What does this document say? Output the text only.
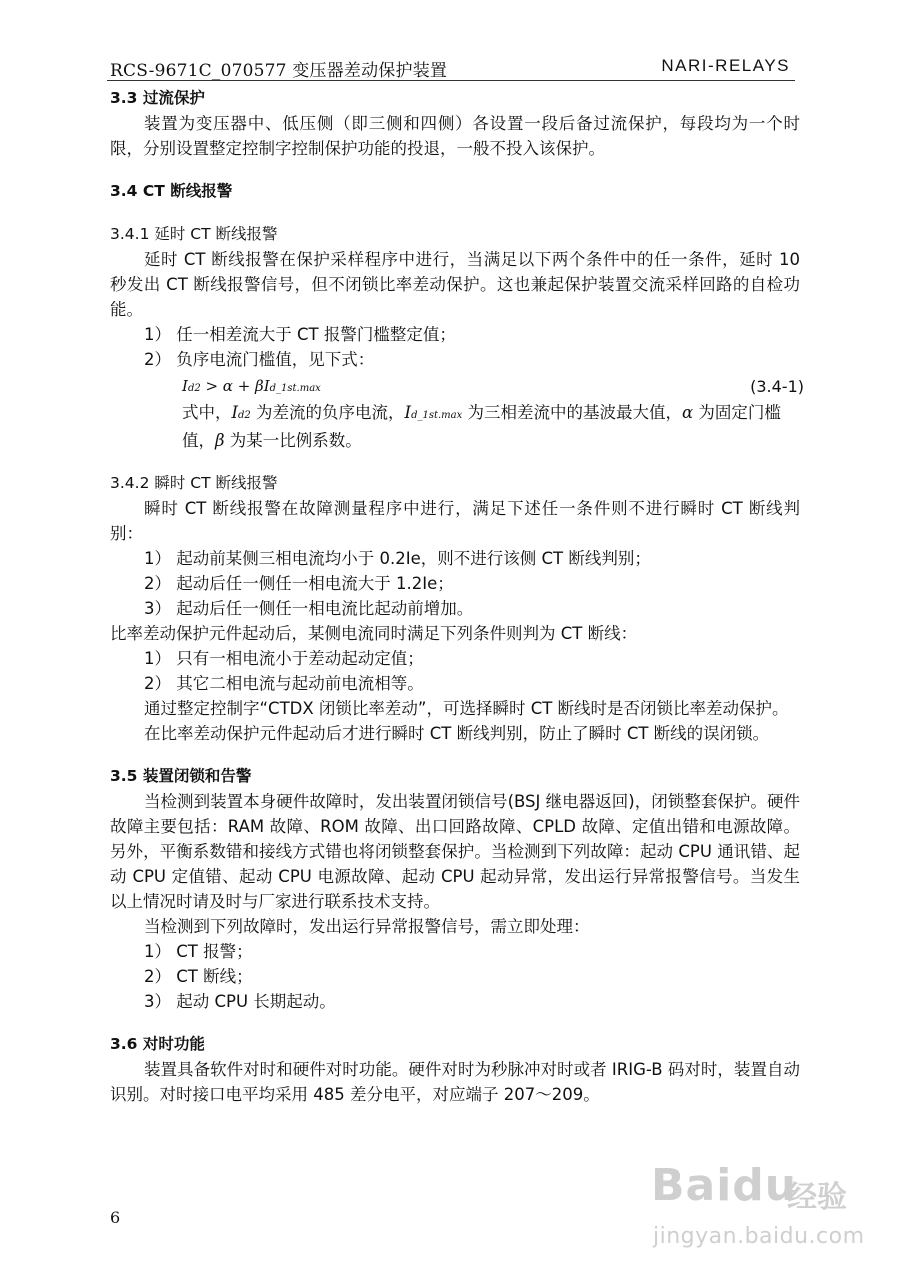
RCS-9671C_070577 变压器差动保护装置	NARI-RELAYS

3.3 过流保护

装置为变压器中、低压侧（即三侧和四侧）各设置一段后备过流保护，每段均为一个时限，分别设置整定控制字控制保护功能的投退，一般不投入该保护。

3.4 CT 断线报警

3.4.1 延时 CT 断线报警

延时 CT 断线报警在保护采样程序中进行，当满足以下两个条件中的任一条件，延时 10 秒发出 CT 断线报警信号，但不闭锁比率差动保护。这也兼起保护装置交流采样回路的自检功能。

1） 任一相差流大于 CT 报警门槛整定值；

2） 负序电流门槛值，见下式：

Id2 > α + βId_1st.max	(3.4-1)

式中，Id2 为差流的负序电流，Id_1st.max 为三相差流中的基波最大值，α 为固定门槛值，β 为某一比例系数。

3.4.2 瞬时 CT 断线报警

瞬时 CT 断线报警在故障测量程序中进行，满足下述任一条件则不进行瞬时 CT 断线判别：

1） 起动前某侧三相电流均小于 0.2Ie，则不进行该侧 CT 断线判别；

2） 起动后任一侧任一相电流大于 1.2Ie；

3） 起动后任一侧任一相电流比起动前增加。

比率差动保护元件起动后，某侧电流同时满足下列条件则判为 CT 断线：

1） 只有一相电流小于差动起动定值；

2） 其它二相电流与起动前电流相等。

通过整定控制字“CTDX 闭锁比率差动”，可选择瞬时 CT 断线时是否闭锁比率差动保护。

在比率差动保护元件起动后才进行瞬时 CT 断线判别，防止了瞬时 CT 断线的误闭锁。

3.5 装置闭锁和告警

当检测到装置本身硬件故障时，发出装置闭锁信号(BSJ 继电器返回)，闭锁整套保护。硬件故障主要包括：RAM 故障、ROM 故障、出口回路故障、CPLD 故障、定值出错和电源故障。另外，平衡系数错和接线方式错也将闭锁整套保护。当检测到下列故障：起动 CPU 通讯错、起动 CPU 定值错、起动 CPU 电源故障、起动 CPU 起动异常，发出运行异常报警信号。当发生以上情况时请及时与厂家进行联系技术支持。

当检测到下列故障时，发出运行异常报警信号，需立即处理：

1） CT 报警；

2） CT 断线；

3） 起动 CPU 长期起动。

3.6 对时功能

装置具备软件对时和硬件对时功能。硬件对时为秒脉冲对时或者 IRIG-B 码对时，装置自动识别。对时接口电平均采用 485 差分电平，对应端子 207～209。

6
Baidu
经验
jingyan.baidu.com
